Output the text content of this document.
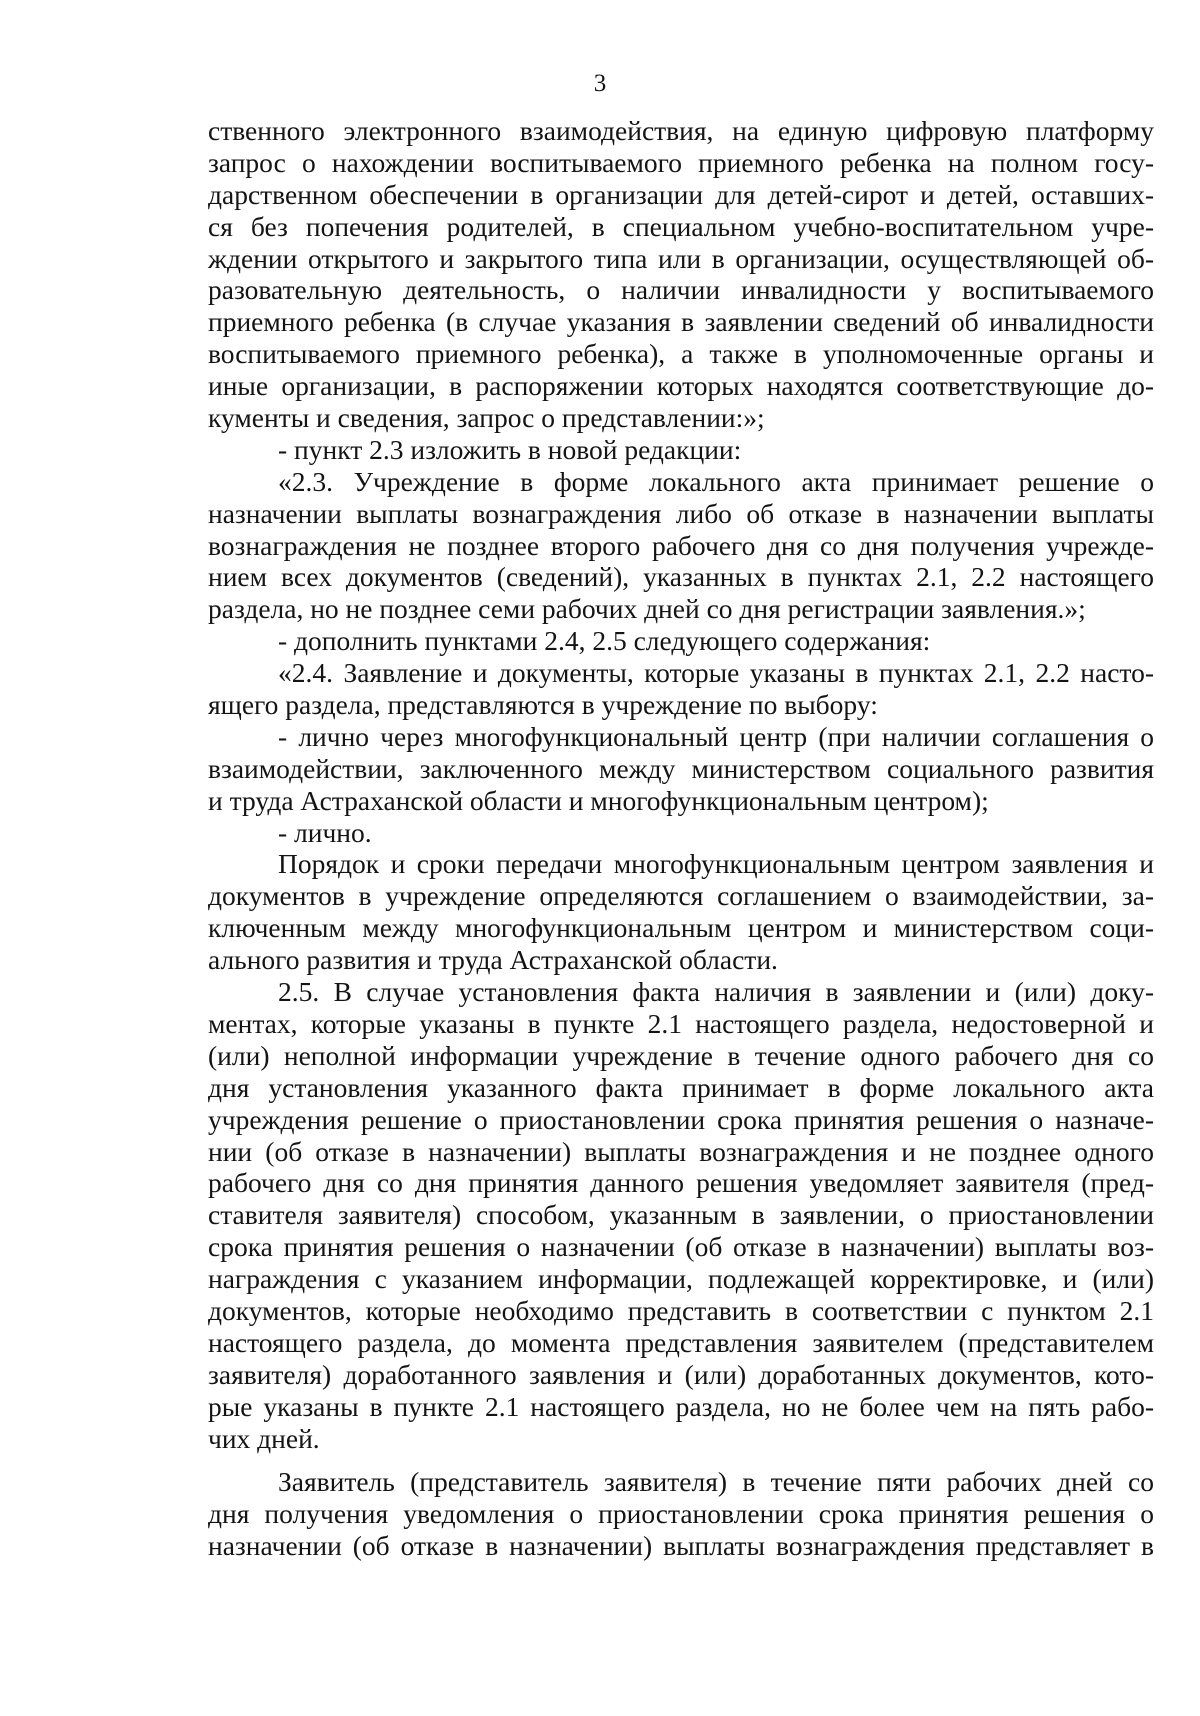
3
ственного электронного взаимодействия, на единую цифровую платформу
запрос о нахождении воспитываемого приемного ребенка на полном госу-
дарственном обеспечении в организации для детей-сирот и детей, оставших-
ся без попечения родителей, в специальном учебно-воспитательном учре-
ждении открытого и закрытого типа или в организации, осуществляющей об-
разовательную деятельность, о наличии инвалидности у воспитываемого
приемного ребенка (в случае указания в заявлении сведений об инвалидности
воспитываемого приемного ребенка), а также в уполномоченные органы и
иные организации, в распоряжении которых находятся соответствующие до-
кументы и сведения, запрос о представлении:»;
- пункт 2.3 изложить в новой редакции:
«2.3. Учреждение в форме локального акта принимает решение о
назначении выплаты вознаграждения либо об отказе в назначении выплаты
вознаграждения не позднее второго рабочего дня со дня получения учрежде-
нием всех документов (сведений), указанных в пунктах 2.1, 2.2 настоящего
раздела, но не позднее семи рабочих дней со дня регистрации заявления.»;
- дополнить пунктами 2.4, 2.5 следующего содержания:
«2.4. Заявление и документы, которые указаны в пунктах 2.1, 2.2 насто-
ящего раздела, представляются в учреждение по выбору:
- лично через многофункциональный центр (при наличии соглашения о
взаимодействии, заключенного между министерством социального развития
и труда Астраханской области и многофункциональным центром);
- лично.
Порядок и сроки передачи многофункциональным центром заявления и
документов в учреждение определяются соглашением о взаимодействии, за-
ключенным между многофункциональным центром и министерством соци-
ального развития и труда Астраханской области.
2.5. В случае установления факта наличия в заявлении и (или) доку-
ментах, которые указаны в пункте 2.1 настоящего раздела, недостоверной и
(или) неполной информации учреждение в течение одного рабочего дня со
дня установления указанного факта принимает в форме локального акта
учреждения решение о приостановлении срока принятия решения о назначе-
нии (об отказе в назначении) выплаты вознаграждения и не позднее одного
рабочего дня со дня принятия данного решения уведомляет заявителя (пред-
ставителя заявителя) способом, указанным в заявлении, о приостановлении
срока принятия решения о назначении (об отказе в назначении) выплаты воз-
награждения с указанием информации, подлежащей корректировке, и (или)
документов, которые необходимо представить в соответствии с пунктом 2.1
настоящего раздела, до момента представления заявителем (представителем
заявителя) доработанного заявления и (или) доработанных документов, кото-
рые указаны в пункте 2.1 настоящего раздела, но не более чем на пять рабо-
чих дней.
Заявитель (представитель заявителя) в течение пяти рабочих дней со
дня получения уведомления о приостановлении срока принятия решения о
назначении (об отказе в назначении) выплаты вознаграждения представляет в
